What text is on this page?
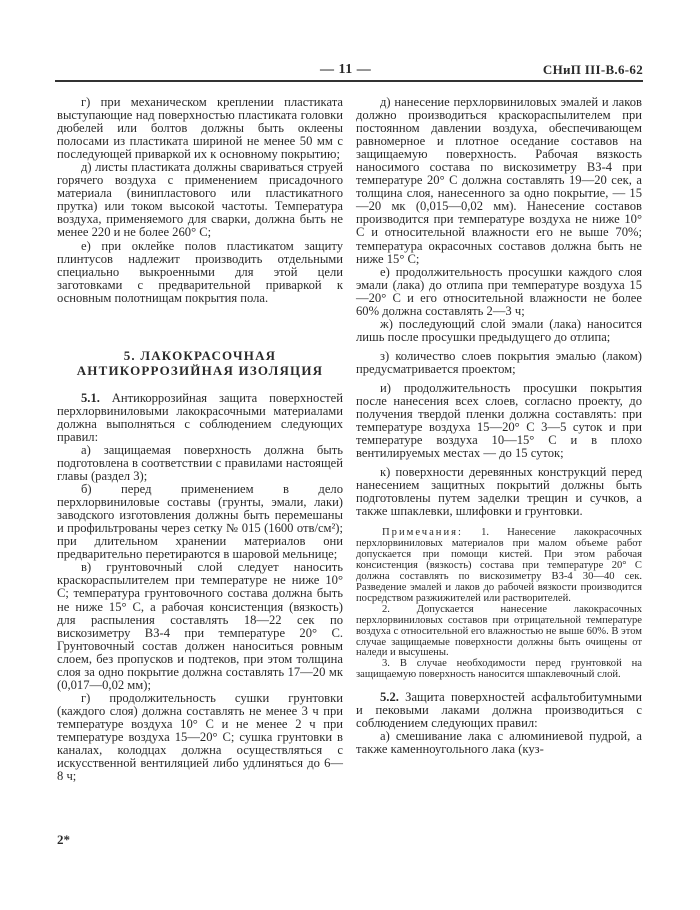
— 11 —	СНиП III-В.6-62

г) при механическом креплении пластиката выступающие над поверхностью пластиката головки дюбелей или болтов должны быть оклеены полосами из пластиката шириной не менее 50 мм с последующей приваркой их к основному покрытию;

д) листы пластиката должны свариваться струей горячего воздуха с применением присадочного материала (винипластового или пластикатного прутка) или током высокой частоты. Температура воздуха, применяемого для сварки, должна быть не менее 220 и не более 260° С;

е) при оклейке полов пластикатом защиту плинтусов надлежит производить отдельными специально выкроенными для этой цели заготовками с предварительной приваркой к основным полотнищам покрытия пола.

5. ЛАКОКРАСОЧНАЯ
АНТИКОРРОЗИЙНАЯ ИЗОЛЯЦИЯ

5.1. Антикоррозийная защита поверхностей перхлорвиниловыми лакокрасочными материалами должна выполняться с соблюдением следующих правил:

а) защищаемая поверхность должна быть подготовлена в соответствии с правилами настоящей главы (раздел 3);

б) перед применением в дело перхлорвиниловые составы (грунты, эмали, лаки) заводского изготовления должны быть перемешаны и профильтрованы через сетку № 015 (1600 отв/см²); при длительном хранении материалов они предварительно перетираются в шаровой мельнице;

в) грунтовочный слой следует наносить краскораспылителем при температуре не ниже 10° С; температура грунтовочного состава должна быть не ниже 15° С, а рабочая консистенция (вязкость) для распыления составлять 18—22 сек по вискозиметру ВЗ-4 при температуре 20° С. Грунтовочный состав должен наноситься ровным слоем, без пропусков и подтеков, при этом толщина слоя за одно покрытие должна составлять 17—20 мк (0,017—0,02 мм);

г) продолжительность сушки грунтовки (каждого слоя) должна составлять не менее 3 ч при температуре воздуха 10° С и не менее 2 ч при температуре воздуха 15—20° С; сушка грунтовки в каналах, колодцах должна осуществляться с искусственной вентиляцией либо удлиняться до 6—8 ч;

д) нанесение перхлорвиниловых эмалей и лаков должно производиться краскораспылителем при постоянном давлении воздуха, обеспечивающем равномерное и плотное оседание составов на защищаемую поверхность. Рабочая вязкость наносимого состава по вискозиметру ВЗ-4 при температуре 20° С должна составлять 19—20 сек, а толщина слоя, нанесенного за одно покрытие, — 15—20 мк (0,015—0,02 мм). Нанесение составов производится при температуре воздуха не ниже 10° С и относительной влажности его не выше 70%; температура окрасочных составов должна быть не ниже 15° С;

е) продолжительность просушки каждого слоя эмали (лака) до отлипа при температуре воздуха 15—20° С и его относительной влажности не более 60% должна составлять 2—3 ч;

ж) последующий слой эмали (лака) наносится лишь после просушки предыдущего до отлипа;

з) количество слоев покрытия эмалью (лаком) предусматривается проектом;

и) продолжительность просушки покрытия после нанесения всех слоев, согласно проекту, до получения твердой пленки должна составлять: при температуре воздуха 15—20° С 3—5 суток и при температуре воздуха 10—15° С и в плохо вентилируемых местах — до 15 суток;

к) поверхности деревянных конструкций перед нанесением защитных покрытий должны быть подготовлены путем заделки трещин и сучков, а также шпаклевки, шлифовки и грунтовки.

Примечания: 1. Нанесение лакокрасочных перхлорвиниловых материалов при малом объеме работ допускается при помощи кистей. При этом рабочая консистенция (вязкость) состава при температуре 20° С должна составлять по вискозиметру ВЗ-4 30—40 сек. Разведение эмалей и лаков до рабочей вязкости производится посредством разжижителей или растворителей.

2. Допускается нанесение лакокрасочных перхлорвиниловых составов при отрицательной температуре воздуха с относительной его влажностью не выше 60%. В этом случае защищаемые поверхности должны быть очищены от наледи и высушены.

3. В случае необходимости перед грунтовкой на защищаемую поверхность наносится шпаклевочный слой.

5.2. Защита поверхностей асфальтобитумными и пековыми лаками должна производиться с соблюдением следующих правил:

а) смешивание лака с алюминиевой пудрой, а также каменноугольного лака (куз-

2*
